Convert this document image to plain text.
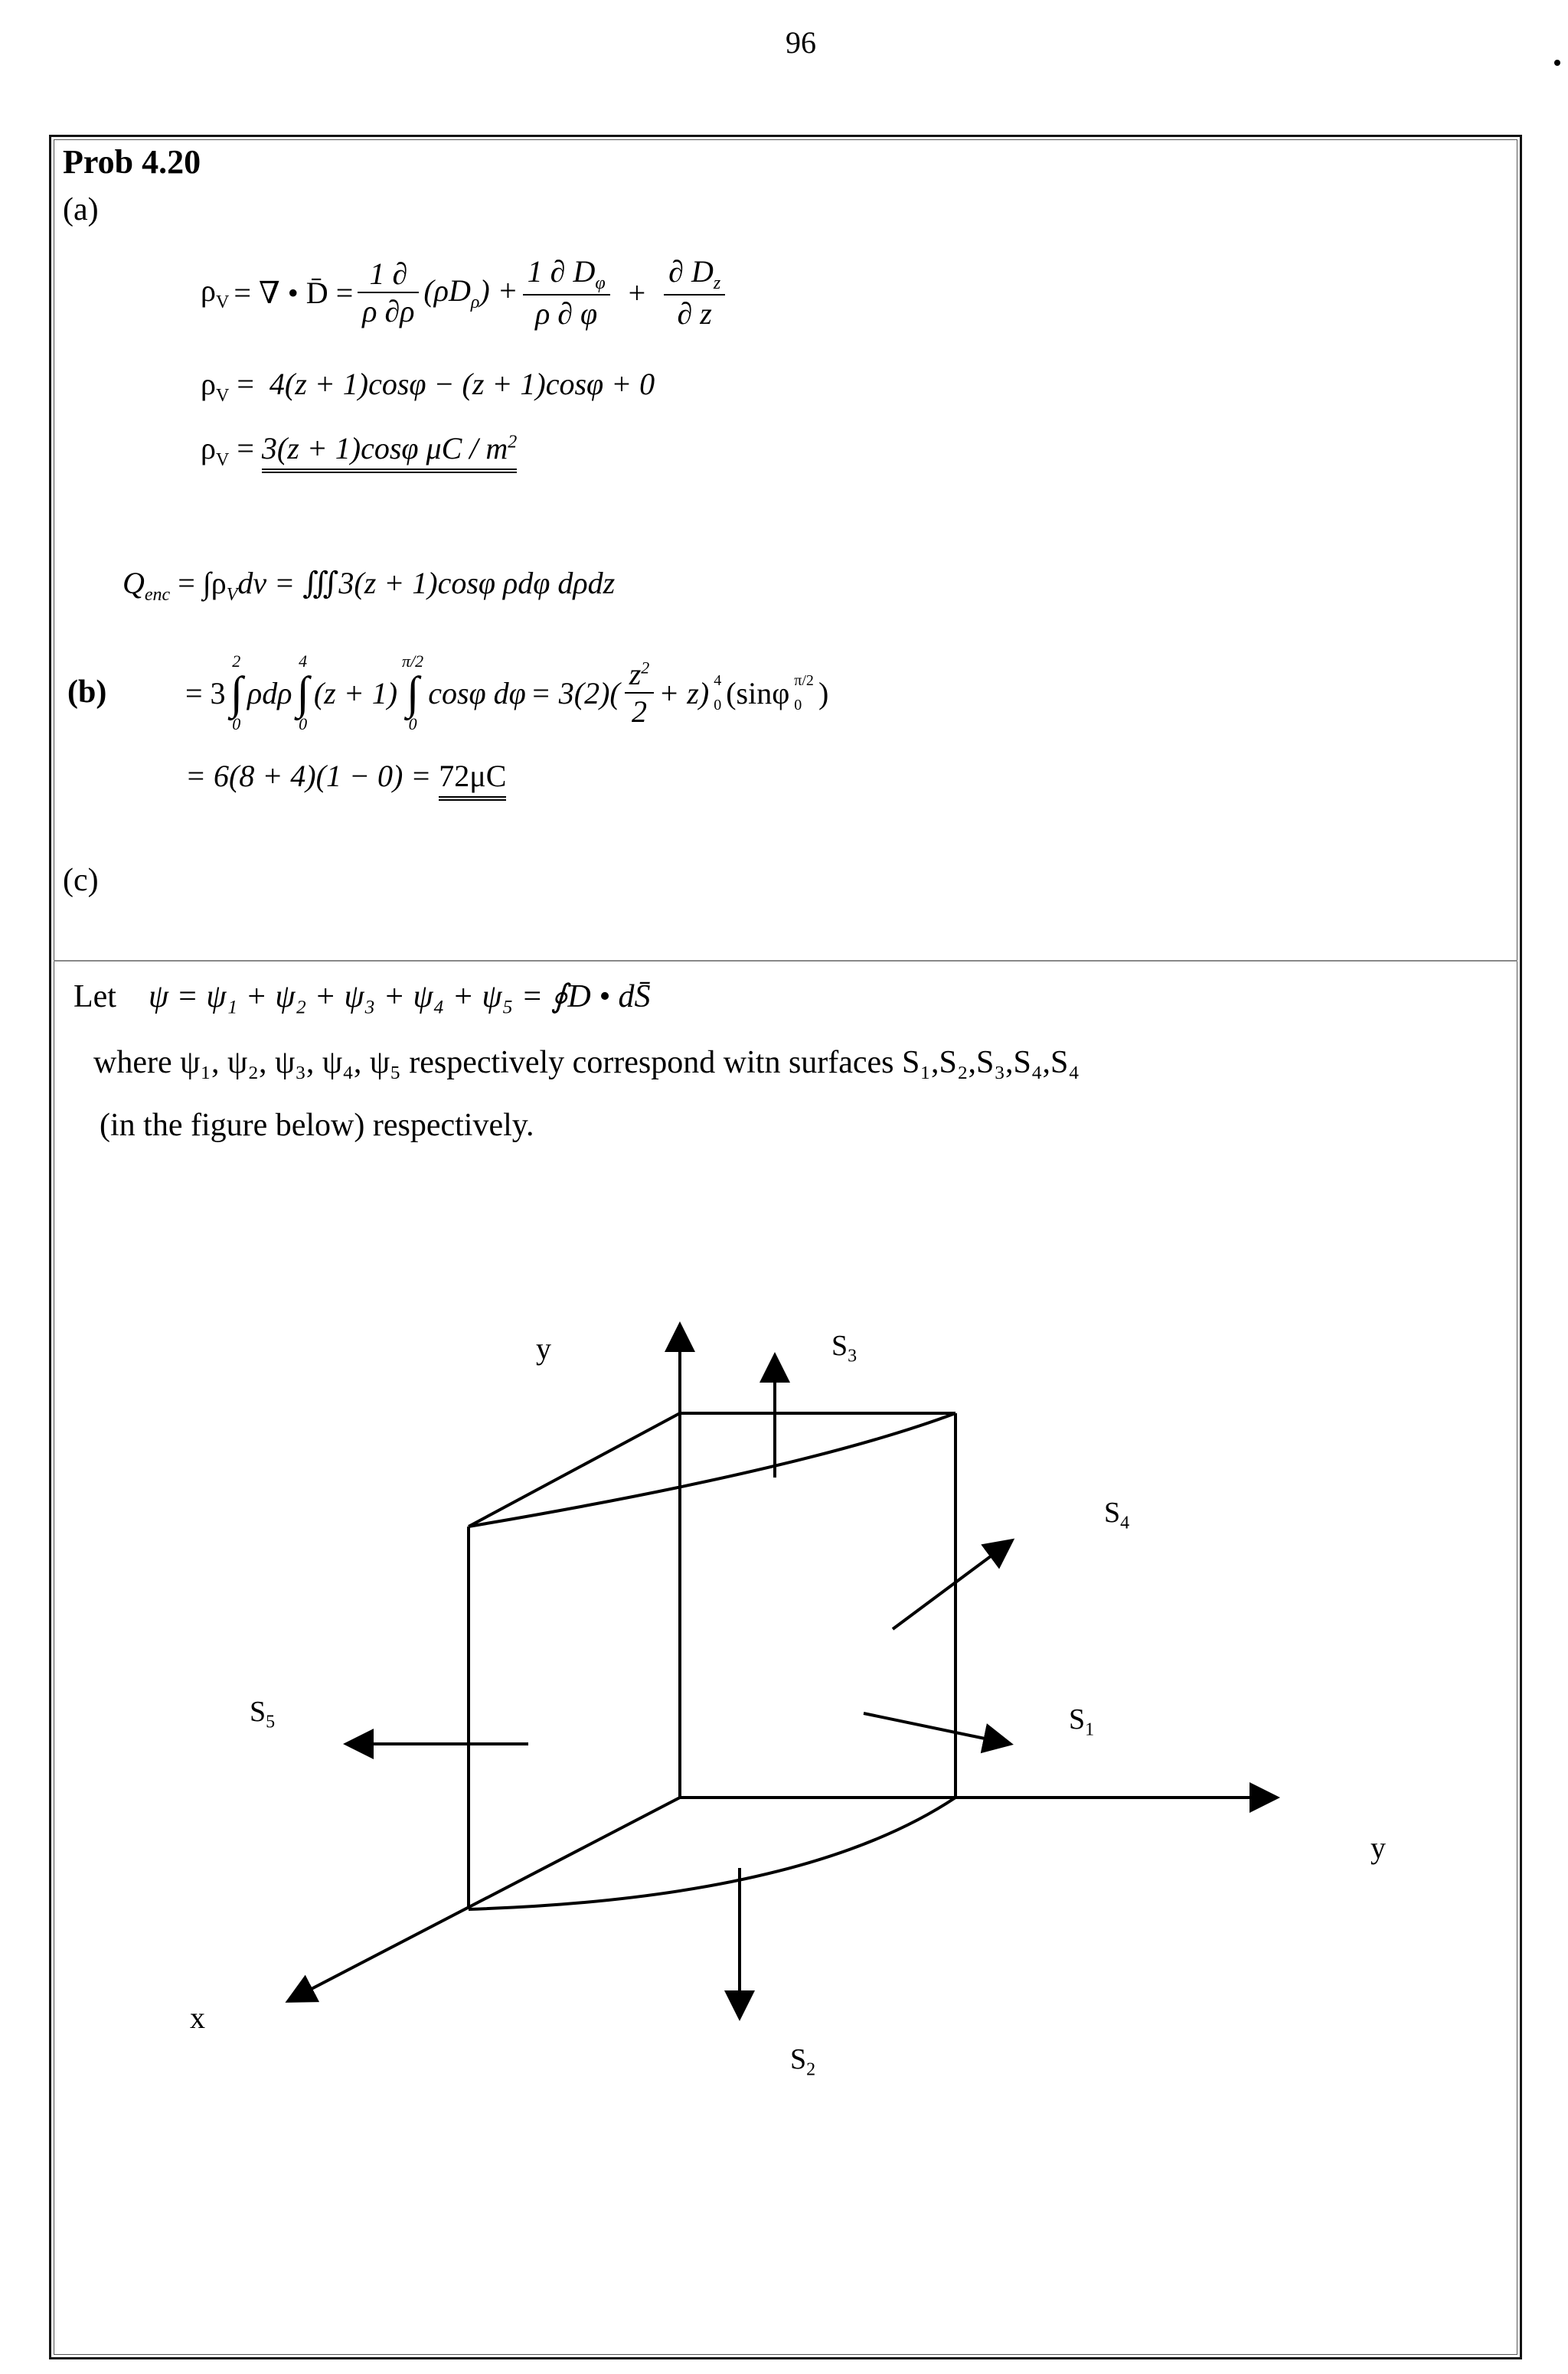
96
Prob 4.20
(a)
$\rho_V$ = ∇ • D̄ = $\frac{1 \partial}{\rho \partial\rho} (\rho D_\rho) + \frac{1 \partial D_\varphi}{\rho \partial \varphi} + \frac{\partial D_z}{\partial z}$
$\rho_V = 4(z + 1)\cos\varphi - (z + 1)\cos\varphi + 0$
$\rho_V = 3(z + 1)\cos\varphi$ μC / $m^2$
$Q_{enc} = \int\rho_Vdv$ = ∭3(z + 1)cosφ ρdφ dρdz
(b)	= 3
2
∫
0
ρdρ
4
∫
0
(z + 1)
π/2
∫
0
cosφ $d\varphi = 3(2)( \frac{z^2}{2} + z)$ 4
0 (sinφ π/2
0 )
= 6(8 + 4)(1 − 0) = 72μC
(c)
Let ψ = ψ₁ + ψ₂ + ψ₃ + ψ₄ + ψ₅ = ∮D • dS̄
where ψ₁, ψ₂, ψ₃, ψ₄, ψ₅ respectively correspond witn surfaces S₁,S₂,S₃,S₄,S₄
(in the figure below) respectively.
y
y
x
$S_3$
$S_4$
$S_1$
$S_5$
$S_2$
